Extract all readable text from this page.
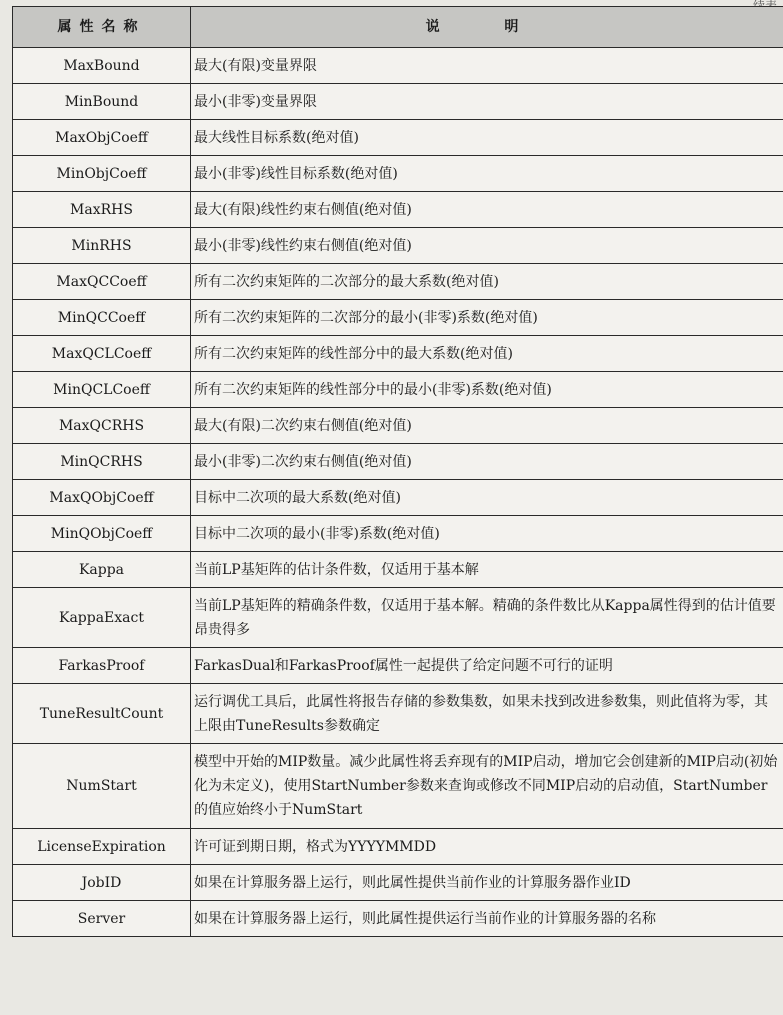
属性名称	说 明
MaxBound	最大(有限)变量界限
MinBound	最小(非零)变量界限
MaxObjCoeff	最大线性目标系数(绝对值)
MinObjCoeff	最小(非零)线性目标系数(绝对值)
MaxRHS	最大(有限)线性约束右侧值(绝对值)
MinRHS	最小(非零)线性约束右侧值(绝对值)
MaxQCCoeff	所有二次约束矩阵的二次部分的最大系数(绝对值)
MinQCCoeff	所有二次约束矩阵的二次部分的最小(非零)系数(绝对值)
MaxQCLCoeff	所有二次约束矩阵的线性部分中的最大系数(绝对值)
MinQCLCoeff	所有二次约束矩阵的线性部分中的最小(非零)系数(绝对值)
MaxQCRHS	最大(有限)二次约束右侧值(绝对值)
MinQCRHS	最小(非零)二次约束右侧值(绝对值)
MaxQObjCoeff	目标中二次项的最大系数(绝对值)
MinQObjCoeff	目标中二次项的最小(非零)系数(绝对值)
Kappa	当前LP基矩阵的估计条件数，仅适用于基本解
KappaExact	当前LP基矩阵的精确条件数，仅适用于基本解。精确的条件数比从Kappa属性得到的估计值要昂贵得多
FarkasProof	FarkasDual和FarkasProof属性一起提供了给定问题不可行的证明
TuneResultCount	运行调优工具后，此属性将报告存储的参数集数，如果未找到改进参数集，则此值将为零，其上限由TuneResults参数确定
NumStart	模型中开始的MIP数量。减少此属性将丢弃现有的MIP启动，增加它会创建新的MIP启动(初始化为未定义)，使用StartNumber参数来查询或修改不同MIP启动的启动值，StartNumber的值应始终小于NumStart
LicenseExpiration	许可证到期日期，格式为YYYYMMDD
JobID	如果在计算服务器上运行，则此属性提供当前作业的计算服务器作业ID
Server	如果在计算服务器上运行，则此属性提供运行当前作业的计算服务器的名称
